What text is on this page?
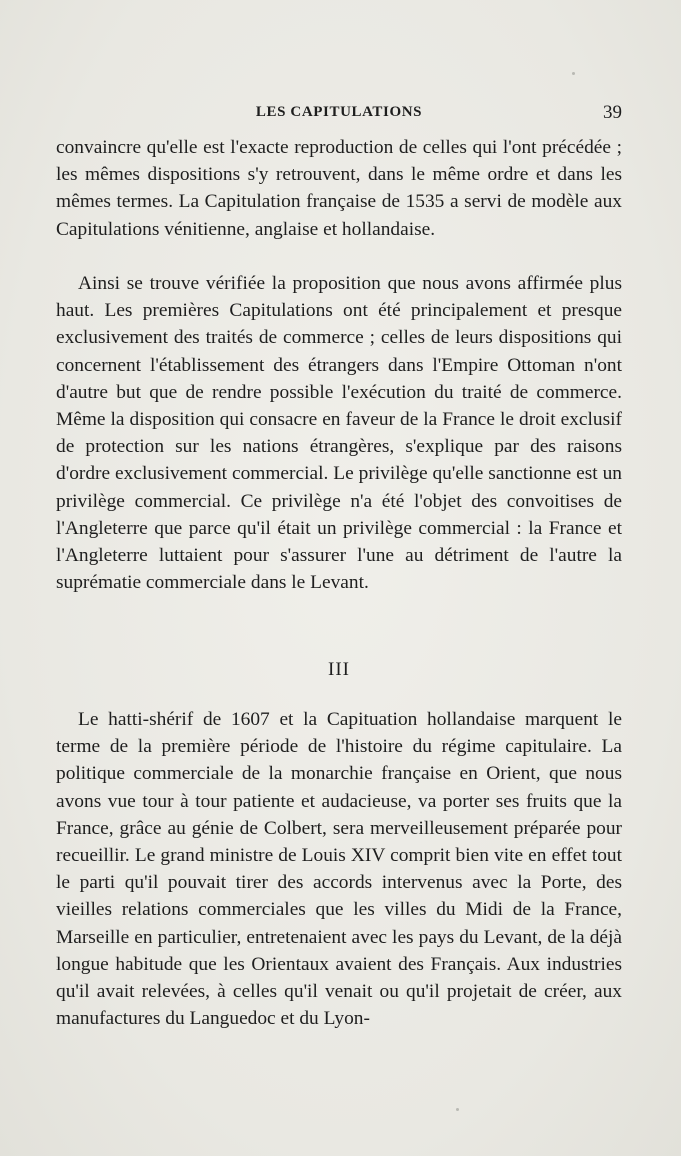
LES CAPITULATIONS	39

convaincre qu'elle est l'exacte reproduction de celles qui l'ont précédée ; les mêmes dispositions s'y retrouvent, dans le même ordre et dans les mêmes termes. La Capitulation française de 1535 a servi de modèle aux Capitulations vénitienne, anglaise et hollandaise.

Ainsi se trouve vérifiée la proposition que nous avons affirmée plus haut. Les premières Capitulations ont été principalement et presque exclusivement des traités de commerce ; celles de leurs dispositions qui concernent l'établissement des étrangers dans l'Empire Ottoman n'ont d'autre but que de rendre possible l'exécution du traité de commerce. Même la disposition qui consacre en faveur de la France le droit exclusif de protection sur les nations étrangères, s'explique par des raisons d'ordre exclusivement commercial. Le privilège qu'elle sanctionne est un privilège commercial. Ce privilège n'a été l'objet des convoitises de l'Angleterre que parce qu'il était un privilège commercial : la France et l'Angleterre luttaient pour s'assurer l'une au détriment de l'autre la suprématie commerciale dans le Levant.

III

Le hatti-shérif de 1607 et la Capituation hollandaise marquent le terme de la première période de l'histoire du régime capitulaire. La politique commerciale de la monarchie française en Orient, que nous avons vue tour à tour patiente et audacieuse, va porter ses fruits que la France, grâce au génie de Colbert, sera merveilleusement préparée pour recueillir. Le grand ministre de Louis XIV comprit bien vite en effet tout le parti qu'il pouvait tirer des accords intervenus avec la Porte, des vieilles relations commerciales que les villes du Midi de la France, Marseille en particulier, entretenaient avec les pays du Levant, de la déjà longue habitude que les Orientaux avaient des Français. Aux industries qu'il avait relevées, à celles qu'il venait ou qu'il projetait de créer, aux manufactures du Languedoc et du Lyon-
